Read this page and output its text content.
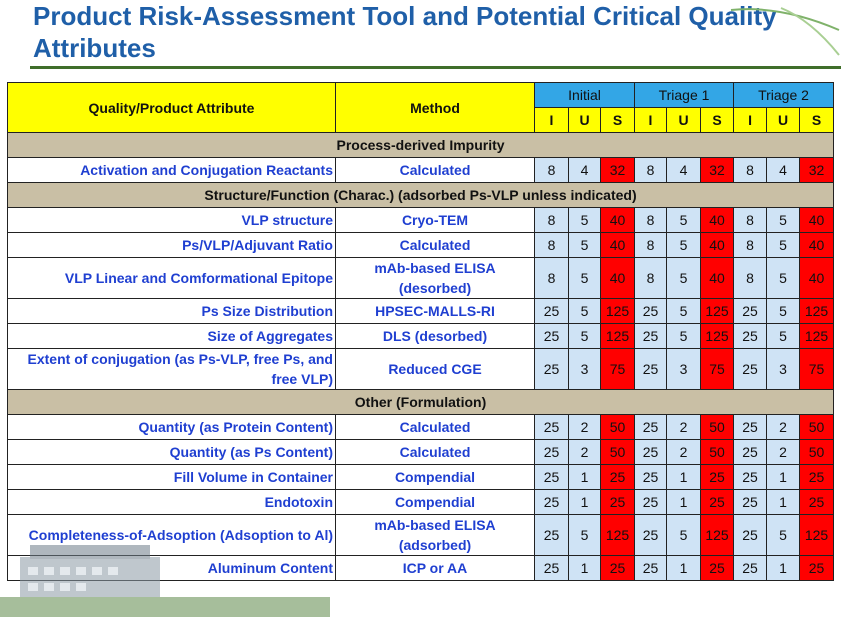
Product Risk-Assessment Tool and Potential Critical Quality Attributes
Quality/Product Attribute	Method	Initial			Triage 1			Triage 2		
		I	U	S	I	U	S	I	U	S
Process-derived Impurity										
Activation and Conjugation Reactants	Calculated	8	4	32	8	4	32	8	4	32
Structure/Function (Charac.) (adsorbed Ps-VLP unless indicated)										
VLP structure	Cryo-TEM	8	5	40	8	5	40	8	5	40
Ps/VLP/Adjuvant Ratio	Calculated	8	5	40	8	5	40	8	5	40
VLP Linear and Comformational Epitope	mAb-based ELISA (desorbed)	8	5	40	8	5	40	8	5	40
Ps Size Distribution	HPSEC-MALLS-RI	25	5	125	25	5	125	25	5	125
Size of Aggregates	DLS (desorbed)	25	5	125	25	5	125	25	5	125
Extent of conjugation (as Ps-VLP, free Ps, and free VLP)	Reduced CGE	25	3	75	25	3	75	25	3	75
Other (Formulation)										
Quantity (as Protein Content)	Calculated	25	2	50	25	2	50	25	2	50
Quantity (as Ps Content)	Calculated	25	2	50	25	2	50	25	2	50
Fill Volume in Container	Compendial	25	1	25	25	1	25	25	1	25
Endotoxin	Compendial	25	1	25	25	1	25	25	1	25
Completeness-of-Adsoption (Adsoption to Al)	mAb-based ELISA (adsorbed)	25	5	125	25	5	125	25	5	125
Aluminum Content	ICP or AA	25	1	25	25	1	25	25	1	25
